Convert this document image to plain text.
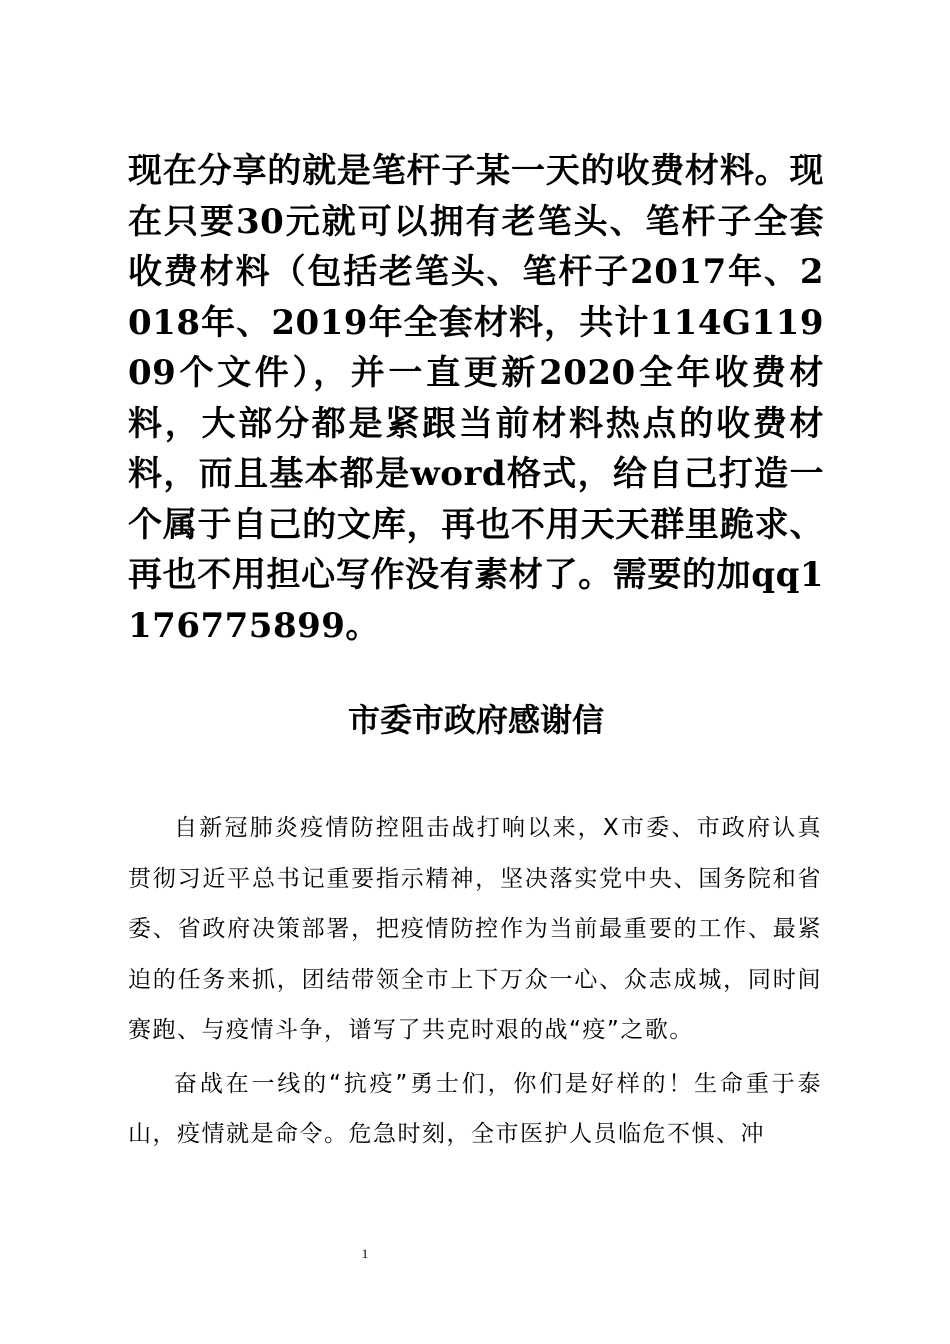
现在分享的就是笔杆子某一天的收费材料。现在只要30元就可以拥有老笔头、笔杆子全套收费材料（包括老笔头、笔杆子2017年、2018年、2019年全套材料，共计114G11909个文件），并一直更新2020全年收费材料，大部分都是紧跟当前材料热点的收费材料，而且基本都是word格式，给自己打造一个属于自己的文库，再也不用天天群里跪求、再也不用担心写作没有素材了。需要的加qq1176775899。

市委市政府感谢信

自新冠肺炎疫情防控阻击战打响以来，X市委、市政府认真贯彻习近平总书记重要指示精神，坚决落实党中央、国务院和省委、省政府决策部署，把疫情防控作为当前最重要的工作、最紧迫的任务来抓，团结带领全市上下万众一心、众志成城，同时间赛跑、与疫情斗争，谱写了共克时艰的战“疫”之歌。

奋战在一线的“抗疫”勇士们，你们是好样的！生命重于泰山，疫情就是命令。危急时刻，全市医护人员临危不惧、冲

1
